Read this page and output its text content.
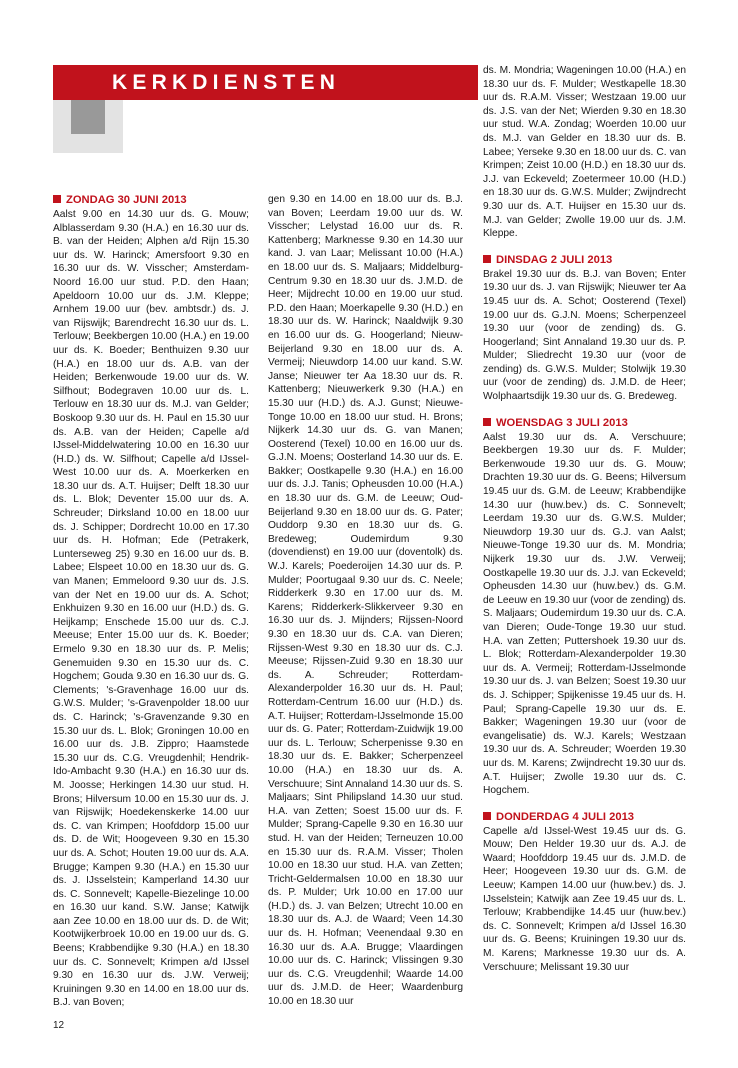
KERKDIENSTEN
ZONDAG 30 JUNI 2013
Aalst 9.00 en 14.30 uur ds. G. Mouw; Alblasserdam 9.30 (H.A.) en 16.30 uur ds. B. van der Heiden; Alphen a/d Rijn 15.30 uur ds. W. Harinck; Amersfoort 9.30 en 16.30 uur ds. W. Visscher; Amsterdam-Noord 16.00 uur stud. P.D. den Haan; Apeldoorn 10.00 uur ds. J.M. Kleppe; Arnhem 19.00 uur (bev. ambtsdr.) ds. J. van Rijswijk; Barendrecht 16.30 uur ds. L. Terlouw; Beekbergen 10.00 (H.A.) en 19.00 uur ds. K. Boeder; Benthuizen 9.30 uur (H.A.) en 18.00 uur ds. A.B. van der Heiden; Berkenwoude 19.00 uur ds. W. Silfhout; Bodegraven 10.00 uur ds. L. Terlouw en 18.30 uur ds. M.J. van Gelder; Boskoop 9.30 uur ds. H. Paul en 15.30 uur ds. A.B. van der Heiden; Capelle a/d IJssel-Middelwatering 10.00 en 16.30 uur (H.D.) ds. W. Silfhout; Capelle a/d IJssel-West 10.00 uur ds. A. Moerkerken en 18.30 uur ds. A.T. Huijser; Delft 18.30 uur ds. L. Blok; Deventer 15.00 uur ds. A. Schreuder; Dirksland 10.00 en 18.00 uur ds. J. Schipper; Dordrecht 10.00 en 17.30 uur ds. H. Hofman; Ede (Petrakerk, Lunterseweg 25) 9.30 en 16.00 uur ds. B. Labee; Elspeet 10.00 en 18.30 uur ds. G. van Manen; Emmeloord 9.30 uur ds. J.S. van der Net en 19.00 uur ds. A. Schot; Enkhuizen 9.30 en 16.00 uur (H.D.) ds. G. Heijkamp; Enschede 15.00 uur ds. C.J. Meeuse; Enter 15.00 uur ds. K. Boeder; Ermelo 9.30 en 18.30 uur ds. P. Melis; Genemuiden 9.30 en 15.30 uur ds. C. Hogchem; Gouda 9.30 en 16.30 uur ds. G. Clements; 's-Gravenhage 16.00 uur ds. G.W.S. Mulder; 's-Gravenpolder 18.00 uur ds. C. Harinck; 's-Gravenzande 9.30 en 15.30 uur ds. L. Blok; Groningen 10.00 en 16.00 uur ds. J.B. Zippro; Haamstede 15.30 uur ds. C.G. Vreugdenhil; Hendrik-Ido-Ambacht 9.30 (H.A.) en 16.30 uur ds. M. Joosse; Herkingen 14.30 uur stud. H. Brons; Hilversum 10.00 en 15.30 uur ds. J. van Rijswijk; Hoedekenskerke 14.00 uur ds. C. van Krimpen; Hoofddorp 15.00 uur ds. D. de Wit; Hoogeveen 9.30 en 15.30 uur ds. A. Schot; Houten 19.00 uur ds. A.A. Brugge; Kampen 9.30 (H.A.) en 15.30 uur ds. J. IJsselstein; Kamperland 14.30 uur ds. C. Sonnevelt; Kapelle-Biezelinge 10.00 en 16.30 uur kand. S.W. Janse; Katwijk aan Zee 10.00 en 18.00 uur ds. D. de Wit; Kootwijkerbroek 10.00 en 19.00 uur ds. G. Beens; Krabbendijke 9.30 (H.A.) en 18.30 uur ds. C. Sonnevelt; Krimpen a/d IJssel 9.30 en 16.30 uur ds. J.W. Verweij; Kruiningen 9.30 en 14.00 en 18.00 uur ds. B.J. van Boven;
gen 9.30 en 14.00 en 18.00 uur ds. B.J. van Boven; Leerdam 19.00 uur ds. W. Visscher; Lelystad 16.00 uur ds. R. Kattenberg; Marknesse 9.30 en 14.30 uur kand. J. van Laar; Melissant 10.00 (H.A.) en 18.00 uur ds. S. Maljaars; Middelburg-Centrum 9.30 en 18.30 uur ds. J.M.D. de Heer; Mijdrecht 10.00 en 19.00 uur stud. P.D. den Haan; Moerkapelle 9.30 (H.D.) en 18.30 uur ds. W. Harinck; Naaldwijk 9.30 en 16.00 uur ds. G. Hoogerland; Nieuw-Beijerland 9.30 en 18.00 uur ds. A. Vermeij; Nieuwdorp 14.00 uur kand. S.W. Janse; Nieuwer ter Aa 18.30 uur ds. R. Kattenberg; Nieuwerkerk 9.30 (H.A.) en 15.30 uur (H.D.) ds. A.J. Gunst; Nieuwe-Tonge 10.00 en 18.00 uur stud. H. Brons; Nijkerk 14.30 uur ds. G. van Manen; Oosterend (Texel) 10.00 en 16.00 uur ds. G.J.N. Moens; Oosterland 14.30 uur ds. E. Bakker; Oostkapelle 9.30 (H.A.) en 16.00 uur ds. J.J. Tanis; Opheusden 10.00 (H.A.) en 18.30 uur ds. G.M. de Leeuw; Oud-Beijerland 9.30 en 18.00 uur ds. G. Pater; Ouddorp 9.30 en 18.30 uur ds. G. Bredeweg; Oudemirdum 9.30 (dovendienst) en 19.00 uur (doventolk) ds. W.J. Karels; Poederoijen 14.30 uur ds. P. Mulder; Poortugaal 9.30 uur ds. C. Neele; Ridderkerk 9.30 en 17.00 uur ds. M. Karens; Ridderkerk-Slikkerveer 9.30 en 16.30 uur ds. J. Mijnders; Rijssen-Noord 9.30 en 18.30 uur ds. C.A. van Dieren; Rijssen-West 9.30 en 18.30 uur ds. C.J. Meeuse; Rijssen-Zuid 9.30 en 18.30 uur ds. A. Schreuder; Rotterdam-Alexanderpolder 16.30 uur ds. H. Paul; Rotterdam-Centrum 16.00 uur (H.D.) ds. A.T. Huijser; Rotterdam-IJsselmonde 15.00 uur ds. G. Pater; Rotterdam-Zuidwijk 19.00 uur ds. L. Terlouw; Scherpenisse 9.30 en 18.30 uur ds. E. Bakker; Scherpenzeel 10.00 (H.A.) en 18.30 uur ds. A. Verschuure; Sint Annaland 14.30 uur ds. S. Maljaars; Sint Philipsland 14.30 uur stud. H.A. van Zetten; Soest 15.00 uur ds. F. Mulder; Sprang-Capelle 9.30 en 16.30 uur stud. H. van der Heiden; Terneuzen 10.00 en 15.30 uur ds. R.A.M. Visser; Tholen 10.00 en 18.30 uur stud. H.A. van Zetten; Tricht-Geldermalsen 10.00 en 18.30 uur ds. P. Mulder; Urk 10.00 en 17.00 uur (H.D.) ds. J. van Belzen; Utrecht 10.00 en 18.30 uur ds. A.J. de Waard; Veen 14.30 uur ds. H. Hofman; Veenendaal 9.30 en 16.30 uur ds. A.A. Brugge; Vlaardingen 10.00 uur ds. C. Harinck; Vlissingen 9.30 uur ds. C.G. Vreugdenhil; Waarde 14.00 uur ds. J.M.D. de Heer; Waardenburg 10.00 en 18.30 uur
ds. M. Mondria; Wageningen 10.00 (H.A.) en 18.30 uur ds. F. Mulder; Westkapelle 18.30 uur ds. R.A.M. Visser; Westzaan 19.00 uur ds. J.S. van der Net; Wierden 9.30 en 18.30 uur stud. W.A. Zondag; Woerden 10.00 uur ds. M.J. van Gelder en 18.30 uur ds. B. Labee; Yerseke 9.30 en 18.00 uur ds. C. van Krimpen; Zeist 10.00 (H.D.) en 18.30 uur ds. J.J. van Eckeveld; Zoetermeer 10.00 (H.D.) en 18.30 uur ds. G.W.S. Mulder; Zwijndrecht 9.30 uur ds. A.T. Huijser en 15.30 uur ds. M.J. van Gelder; Zwolle 19.00 uur ds. J.M. Kleppe.
DINSDAG 2 JULI 2013
Brakel 19.30 uur ds. B.J. van Boven; Enter 19.30 uur ds. J. van Rijswijk; Nieuwer ter Aa 19.45 uur ds. A. Schot; Oosterend (Texel) 19.00 uur ds. G.J.N. Moens; Scherpenzeel 19.30 uur (voor de zending) ds. G. Hoogerland; Sint Annaland 19.30 uur ds. P. Mulder; Sliedrecht 19.30 uur (voor de zending) ds. G.W.S. Mulder; Stolwijk 19.30 uur (voor de zending) ds. J.M.D. de Heer; Wolphaartsdijk 19.30 uur ds. G. Bredeweg.
WOENSDAG 3 JULI 2013
Aalst 19.30 uur ds. A. Verschuure; Beekbergen 19.30 uur ds. F. Mulder; Berkenwoude 19.30 uur ds. G. Mouw; Drachten 19.30 uur ds. G. Beens; Hilversum 19.45 uur ds. G.M. de Leeuw; Krabbendijke 14.30 uur (huw.bev.) ds. C. Sonnevelt; Leerdam 19.30 uur ds. G.W.S. Mulder; Nieuwdorp 19.30 uur ds. G.J. van Aalst; Nieuwe-Tonge 19.30 uur ds. M. Mondria; Nijkerk 19.30 uur ds. J.W. Verweij; Oostkapelle 19.30 uur ds. J.J. van Eckeveld; Opheusden 14.30 uur (huw.bev.) ds. G.M. de Leeuw en 19.30 uur (voor de zending) ds. S. Maljaars; Oudemirdum 19.30 uur ds. C.A. van Dieren; Oude-Tonge 19.30 uur stud. H.A. van Zetten; Puttershoek 19.30 uur ds. L. Blok; Rotterdam-Alexanderpolder 19.30 uur ds. A. Vermeij; Rotterdam-IJsselmonde 19.30 uur ds. J. van Belzen; Soest 19.30 uur ds. J. Schipper; Spijkenisse 19.45 uur ds. H. Paul; Sprang-Capelle 19.30 uur ds. E. Bakker; Wageningen 19.30 uur (voor de evangelisatie) ds. W.J. Karels; Westzaan 19.30 uur ds. A. Schreuder; Woerden 19.30 uur ds. M. Karens; Zwijndrecht 19.30 uur ds. A.T. Huijser; Zwolle 19.30 uur ds. C. Hogchem.
DONDERDAG 4 JULI 2013
Capelle a/d IJssel-West 19.45 uur ds. G. Mouw; Den Helder 19.30 uur ds. A.J. de Waard; Hoofddorp 19.45 uur ds. J.M.D. de Heer; Hoogeveen 19.30 uur ds. G.M. de Leeuw; Kampen 14.00 uur (huw.bev.) ds. J. IJsselstein; Katwijk aan Zee 19.45 uur ds. L. Terlouw; Krabbendijke 14.45 uur (huw.bev.) ds. C. Sonnevelt; Krimpen a/d IJssel 16.30 uur ds. G. Beens; Kruiningen 19.30 uur ds. M. Karens; Marknesse 19.30 uur ds. A. Verschuure; Melissant 19.30 uur
12
